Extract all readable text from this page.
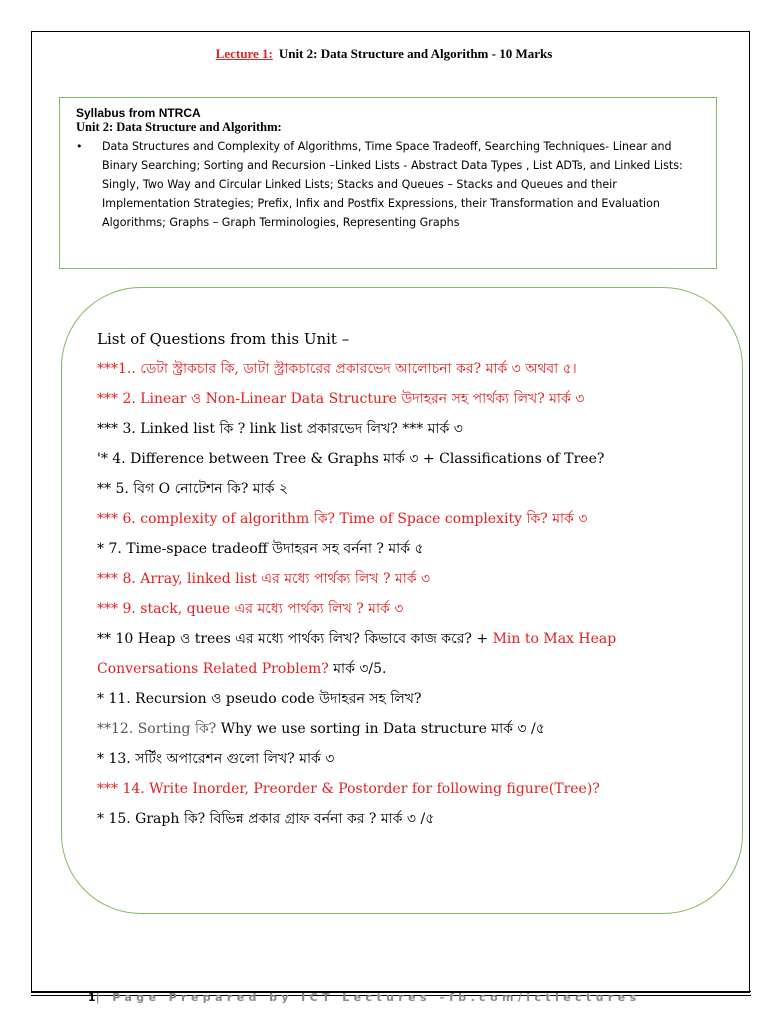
Lecture 1: Unit 2: Data Structure and Algorithm - 10 Marks
Syllabus from NTRCA
Unit 2: Data Structure and Algorithm:
•	Data Structures and Complexity of Algorithms, Time Space Tradeoff, Searching Techniques- Linear and
Binary Searching; Sorting and Recursion –Linked Lists - Abstract Data Types , List ADTs, and Linked Lists:
Singly, Two Way and Circular Linked Lists; Stacks and Queues – Stacks and Queues and their
Implementation Strategies; Prefix, Infix and Postfix Expressions, their Transformation and Evaluation
Algorithms; Graphs – Graph Terminologies, Representing Graphs
List of Questions from this Unit –
***1.. ডেটা স্ট্রাকচার কি, ডাটা স্ট্রাকচারের প্রকারভেদ আলোচনা কর? মার্ক ৩ অথবা ৫।
*** 2. Linear ও Non-Linear Data Structure উদাহরন সহ পার্থক্য লিখ? মার্ক ৩
*** 3. Linked list কি ? link list প্রকারভেদ লিখ? *** মার্ক ৩
'* 4. Difference between Tree & Graphs মার্ক ৩ + Classifications of Tree?
** 5. বিগ O নোটেশন কি? মার্ক ২
*** 6. complexity of algorithm কি? Time of Space complexity কি? মার্ক ৩
* 7. Time-space tradeoff উদাহরন সহ বর্ননা ? মার্ক ৫
*** 8. Array, linked list এর মধ্যে পার্থক্য লিখ ? মার্ক ৩
*** 9. stack, queue এর মধ্যে পার্থক্য লিখ ? মার্ক ৩
** 10 Heap ও trees এর মধ্যে পার্থক্য লিখ? কিভাবে কাজ করে? + Min to Max Heap
Conversations Related Problem? মার্ক ৩/5.
* 11. Recursion ও pseudo code উদাহরন সহ লিখ?
**12. Sorting কি? Why we use sorting in Data structure মার্ক ৩ /৫
* 13. সর্টিং অপারেশন গুলো লিখ? মার্ক ৩
*** 14. Write Inorder, Preorder & Postorder for following figure(Tree)?
* 15. Graph কি? বিভিন্ন প্রকার গ্রাফ বর্ননা কর ? মার্ক ৩ /৫
1| Page Prepared by ICT Lectures –fb.com/ictlectures
